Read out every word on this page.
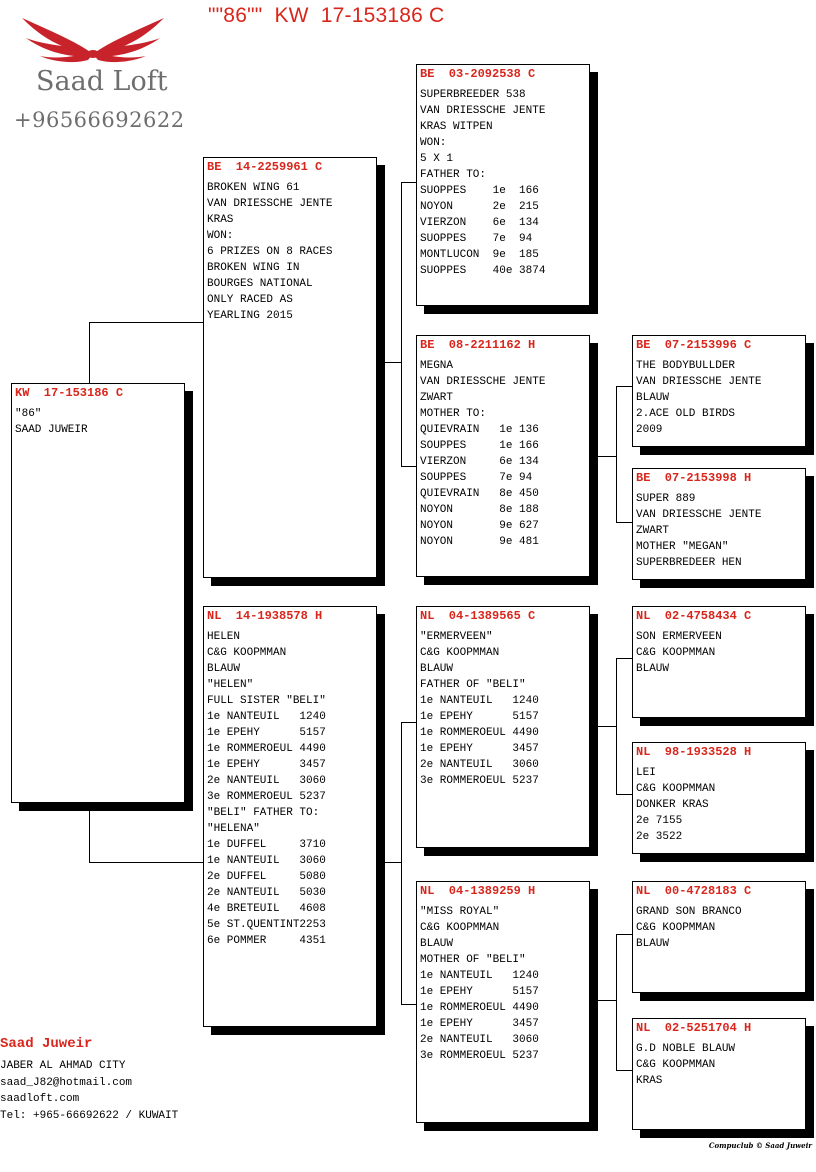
""86""  KW  17-153186 C
Saad Loft
+96566692622
KW  17-153186 C
"86"
SAAD JUWEIR
BE  14-2259961 C
BROKEN WING 61
VAN DRIESSCHE JENTE
KRAS
WON:
6 PRIZES ON 8 RACES
BROKEN WING IN
BOURGES NATIONAL
ONLY RACED AS
YEARLING 2015
NL  14-1938578 H
HELEN
C&G KOOPMMAN
BLAUW
"HELEN"
FULL SISTER "BELI"
1e NANTEUIL   1240
1e EPEHY      5157
1e ROMMEROEUL 4490
1e EPEHY      3457
2e NANTEUIL   3060
3e ROMMEROEUL 5237
"BELI" FATHER TO:
"HELENA"
1e DUFFEL     3710
1e NANTEUIL   3060
2e DUFFEL     5080
2e NANTEUIL   5030
4e BRETEUIL   4608
5e ST.QUENTINT2253
6e POMMER     4351
BE  03-2092538 C
SUPERBREEDER 538
VAN DRIESSCHE JENTE
KRAS WITPEN
WON:
5 X 1
FATHER TO:
SUOPPES    1e  166
NOYON      2e  215
VIERZON    6e  134
SUOPPES    7e  94
MONTLUCON  9e  185
SUOPPES    40e 3874
BE  08-2211162 H
MEGNA
VAN DRIESSCHE JENTE
ZWART
MOTHER TO:
QUIEVRAIN   1e 136
SOUPPES     1e 166
VIERZON     6e 134
SOUPPES     7e 94
QUIEVRAIN   8e 450
NOYON       8e 188
NOYON       9e 627
NOYON       9e 481
NL  04-1389565 C
"ERMERVEEN"
C&G KOOPMMAN
BLAUW
FATHER OF "BELI"
1e NANTEUIL   1240
1e EPEHY      5157
1e ROMMEROEUL 4490
1e EPEHY      3457
2e NANTEUIL   3060
3e ROMMEROEUL 5237
NL  04-1389259 H
"MISS ROYAL"
C&G KOOPMMAN
BLAUW
MOTHER OF "BELI"
1e NANTEUIL   1240
1e EPEHY      5157
1e ROMMEROEUL 4490
1e EPEHY      3457
2e NANTEUIL   3060
3e ROMMEROEUL 5237
BE  07-2153996 C
THE BODYBULLDER
VAN DRIESSCHE JENTE
BLAUW
2.ACE OLD BIRDS
2009
BE  07-2153998 H
SUPER 889
VAN DRIESSCHE JENTE
ZWART
MOTHER "MEGAN"
SUPERBREDEER HEN
NL  02-4758434 C
SON ERMERVEEN
C&G KOOPMMAN
BLAUW
NL  98-1933528 H
LEI
C&G KOOPMMAN
DONKER KRAS
2e 7155
2e 3522
NL  00-4728183 C
GRAND SON BRANCO
C&G KOOPMMAN
BLAUW
NL  02-5251704 H
G.D NOBLE BLAUW
C&G KOOPMMAN
KRAS
Saad Juweir
JABER AL AHMAD CITY
saad_J82@hotmail.com
saadloft.com
Tel: +965-66692622 / KUWAIT
Compuclub © Saad Juweir
